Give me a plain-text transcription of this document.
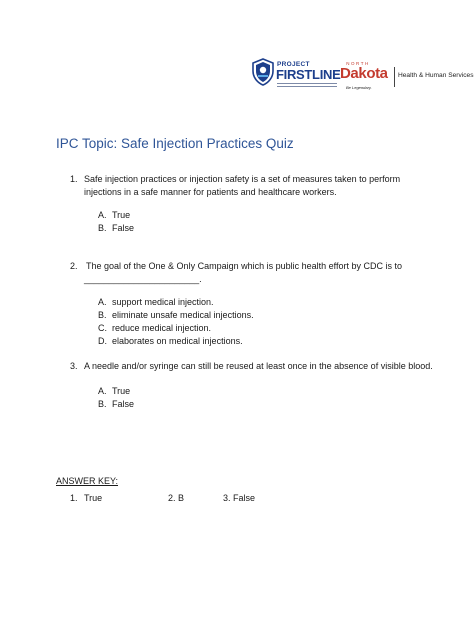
PROJECT
FIRSTLINE
NORTH
Dakota
Be Legendary.
Health & Human Services
IPC Topic: Safe Injection Practices Quiz
1. Safe injection practices or injection safety is a set of measures taken to perform
injections in a safe manner for patients and healthcare workers.
A. True
B. False
2. The goal of the One & Only Campaign which is public health effort by CDC is to
_______________________.
A. support medical injection.
B. eliminate unsafe medical injections.
C. reduce medical injection.
D. elaborates on medical injections.
3. A needle and/or syringe can still be reused at least once in the absence of visible blood.
A. True
B. False
ANSWER KEY:
1. True	2. B	3. False
